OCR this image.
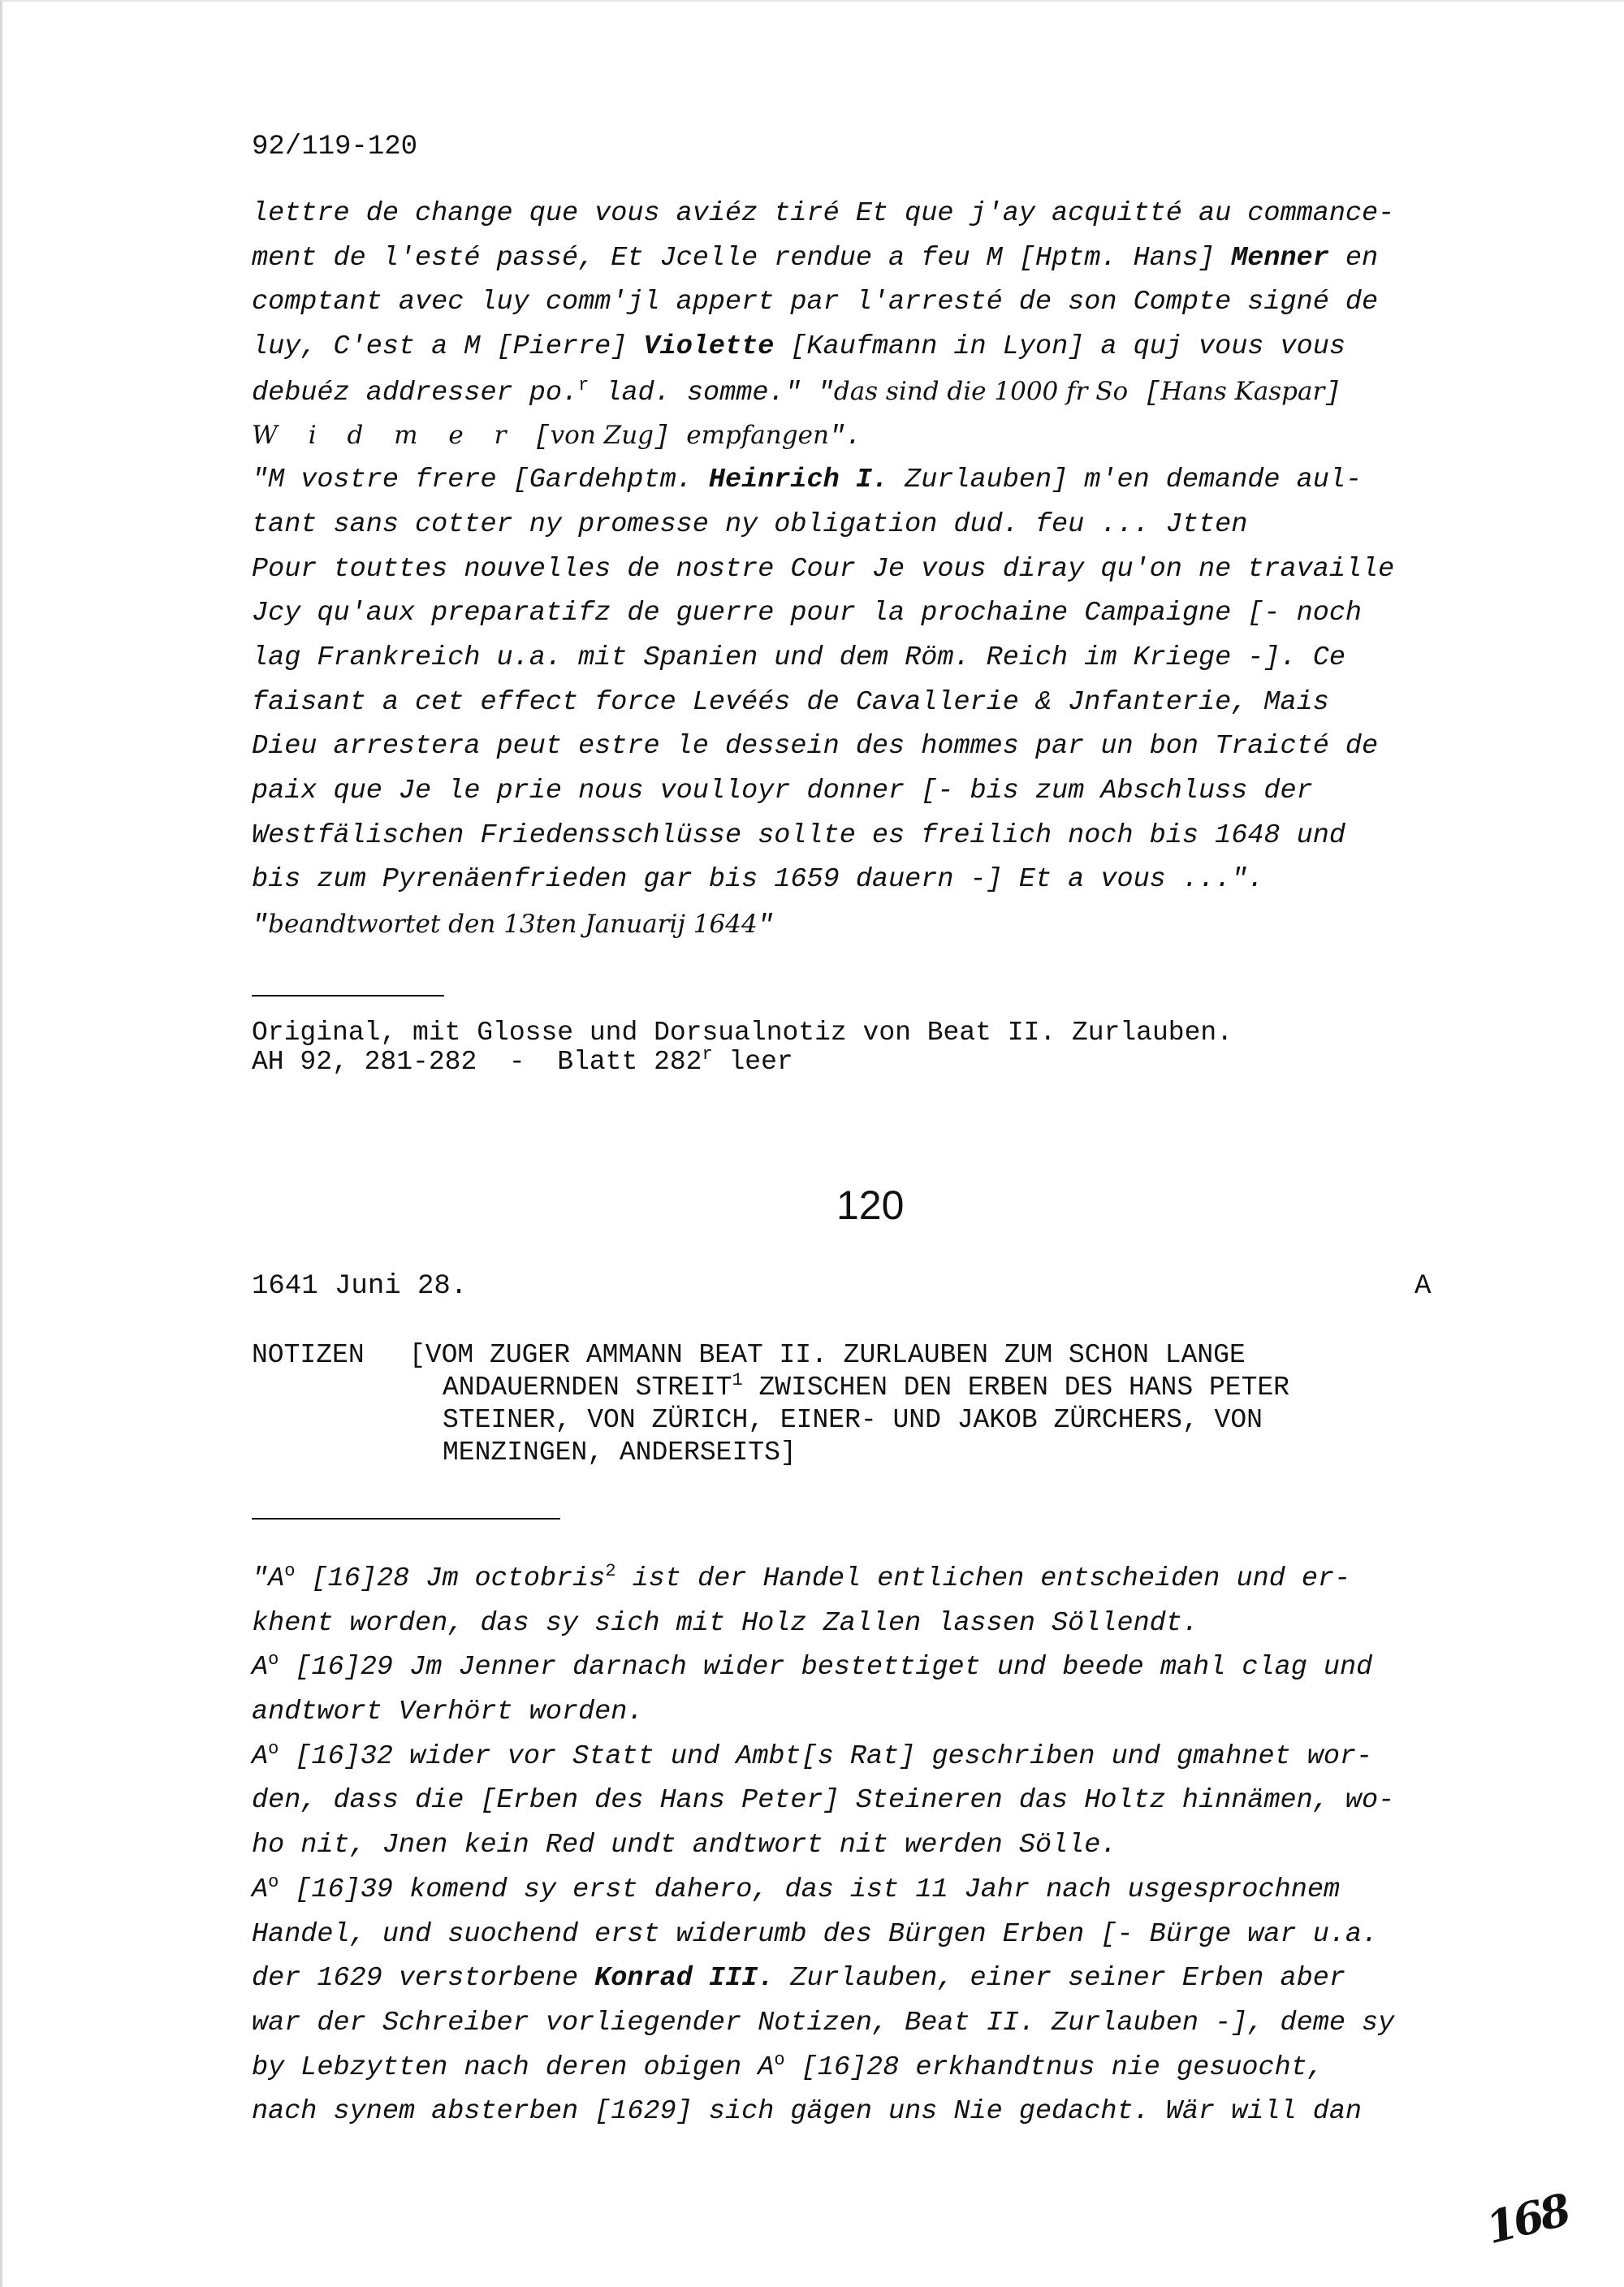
92/119-120
lettre de change que vous aviéz tiré Et que j'ay acquitté au commance-
ment de l'esté passé, Et Jcelle rendue a feu M [Hptm. Hans] Menner en
comptant avec luy comm'jl appert par l'arresté de son Compte signé de
luy, C'est a M [Pierre] Violette [Kaufmann in Lyon] a quj vous vous
debuéz addresser po.$^r$ lad. somme." "das sind die 1000 fr So [Hans Kaspar]
W i d m e r [von Zug] empfangen".
"M vostre frere [Gardehptm. Heinrich I. Zurlauben] m'en demande aul-
tant sans cotter ny promesse ny obligation dud. feu ... Jtten
Pour touttes nouvelles de nostre Cour Je vous diray qu'on ne travaille
Jcy qu'aux preparatifz de guerre pour la prochaine Campaigne [- noch
lag Frankreich u.a. mit Spanien und dem Röm. Reich im Kriege -]. Ce
faisant a cet effect force Levéés de Cavallerie & Jnfanterie, Mais
Dieu arrestera peut estre le dessein des hommes par un bon Traicté de
paix que Je le prie nous voulloyr donner [- bis zum Abschluss der
Westfälischen Friedensschlüsse sollte es freilich noch bis 1648 und
bis zum Pyrenäenfrieden gar bis 1659 dauern -] Et a vous ...".
"beandtwortet den 13ten Januarij 1644"
Original, mit Glosse und Dorsualnotiz von Beat II. Zurlauben.
AH 92, 281-282  -  Blatt 282$^r$ leer
120
1641 Juni 28.	A
NOTIZEN [VOM ZUGER AMMANN BEAT II. ZURLAUBEN ZUM SCHON LANGE
ANDAUERNDEN STREIT$^1$ ZWISCHEN DEN ERBEN DES HANS PETER
STEINER, VON ZÜRICH, EINER- UND JAKOB ZÜRCHERS, VON
MENZINGEN, ANDERSEITS]
"$A^o$ [16]28 Jm octobris$^2$ ist der Handel entlichen entscheiden und er-
khent worden, das sy sich mit Holz Zallen lassen Söllendt.
$A^o$ [16]29 Jm Jenner darnach wider bestettiget und beede mahl clag und
andtwort Verhört worden.
$A^o$ [16]32 wider vor Statt und Ambt[s Rat] geschriben und gmahnet wor-
den, dass die [Erben des Hans Peter] Steineren das Holtz hinnämen, wo-
ho nit, Jnen kein Red undt andtwort nit werden Sölle.
$A^o$ [16]39 komend sy erst dahero, das ist 11 Jahr nach usgesprochnem
Handel, und suochend erst widerumb des Bürgen Erben [- Bürge war u.a.
der 1629 verstorbene Konrad III. Zurlauben, einer seiner Erben aber
war der Schreiber vorliegender Notizen, Beat II. Zurlauben -], deme sy
by Lebzytten nach deren obigen $A^o$ [16]28 erkhandtnus nie gesuocht,
nach synem absterben [1629] sich gägen uns Nie gedacht. Wär will dan
168
